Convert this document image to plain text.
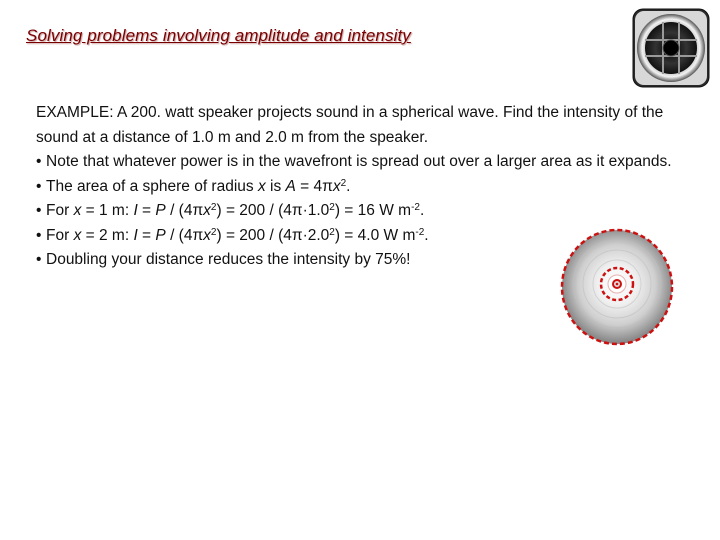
Solving problems involving amplitude and intensity

EXAMPLE: A 200. watt speaker projects sound in a spherical wave. Find the intensity of the sound at a distance of 1.0 m and 2.0 m from the speaker.

• Note that whatever power is in the wavefront is spread out over a larger area as it expands.

• The area of a sphere of radius x is $A = 4\pi x^2$.

• For x = 1 m: $I = P / (4\pi x^2) = 200 / (4\pi\cdot 1.0^2) = 16$ W $m^{-2}$.

• For x = 2 m: $I = P / (4\pi x^2) = 200 / (4\pi\cdot 2.0^2) = 4.0$ W $m^{-2}$.

• Doubling your distance reduces the intensity by 75%!
